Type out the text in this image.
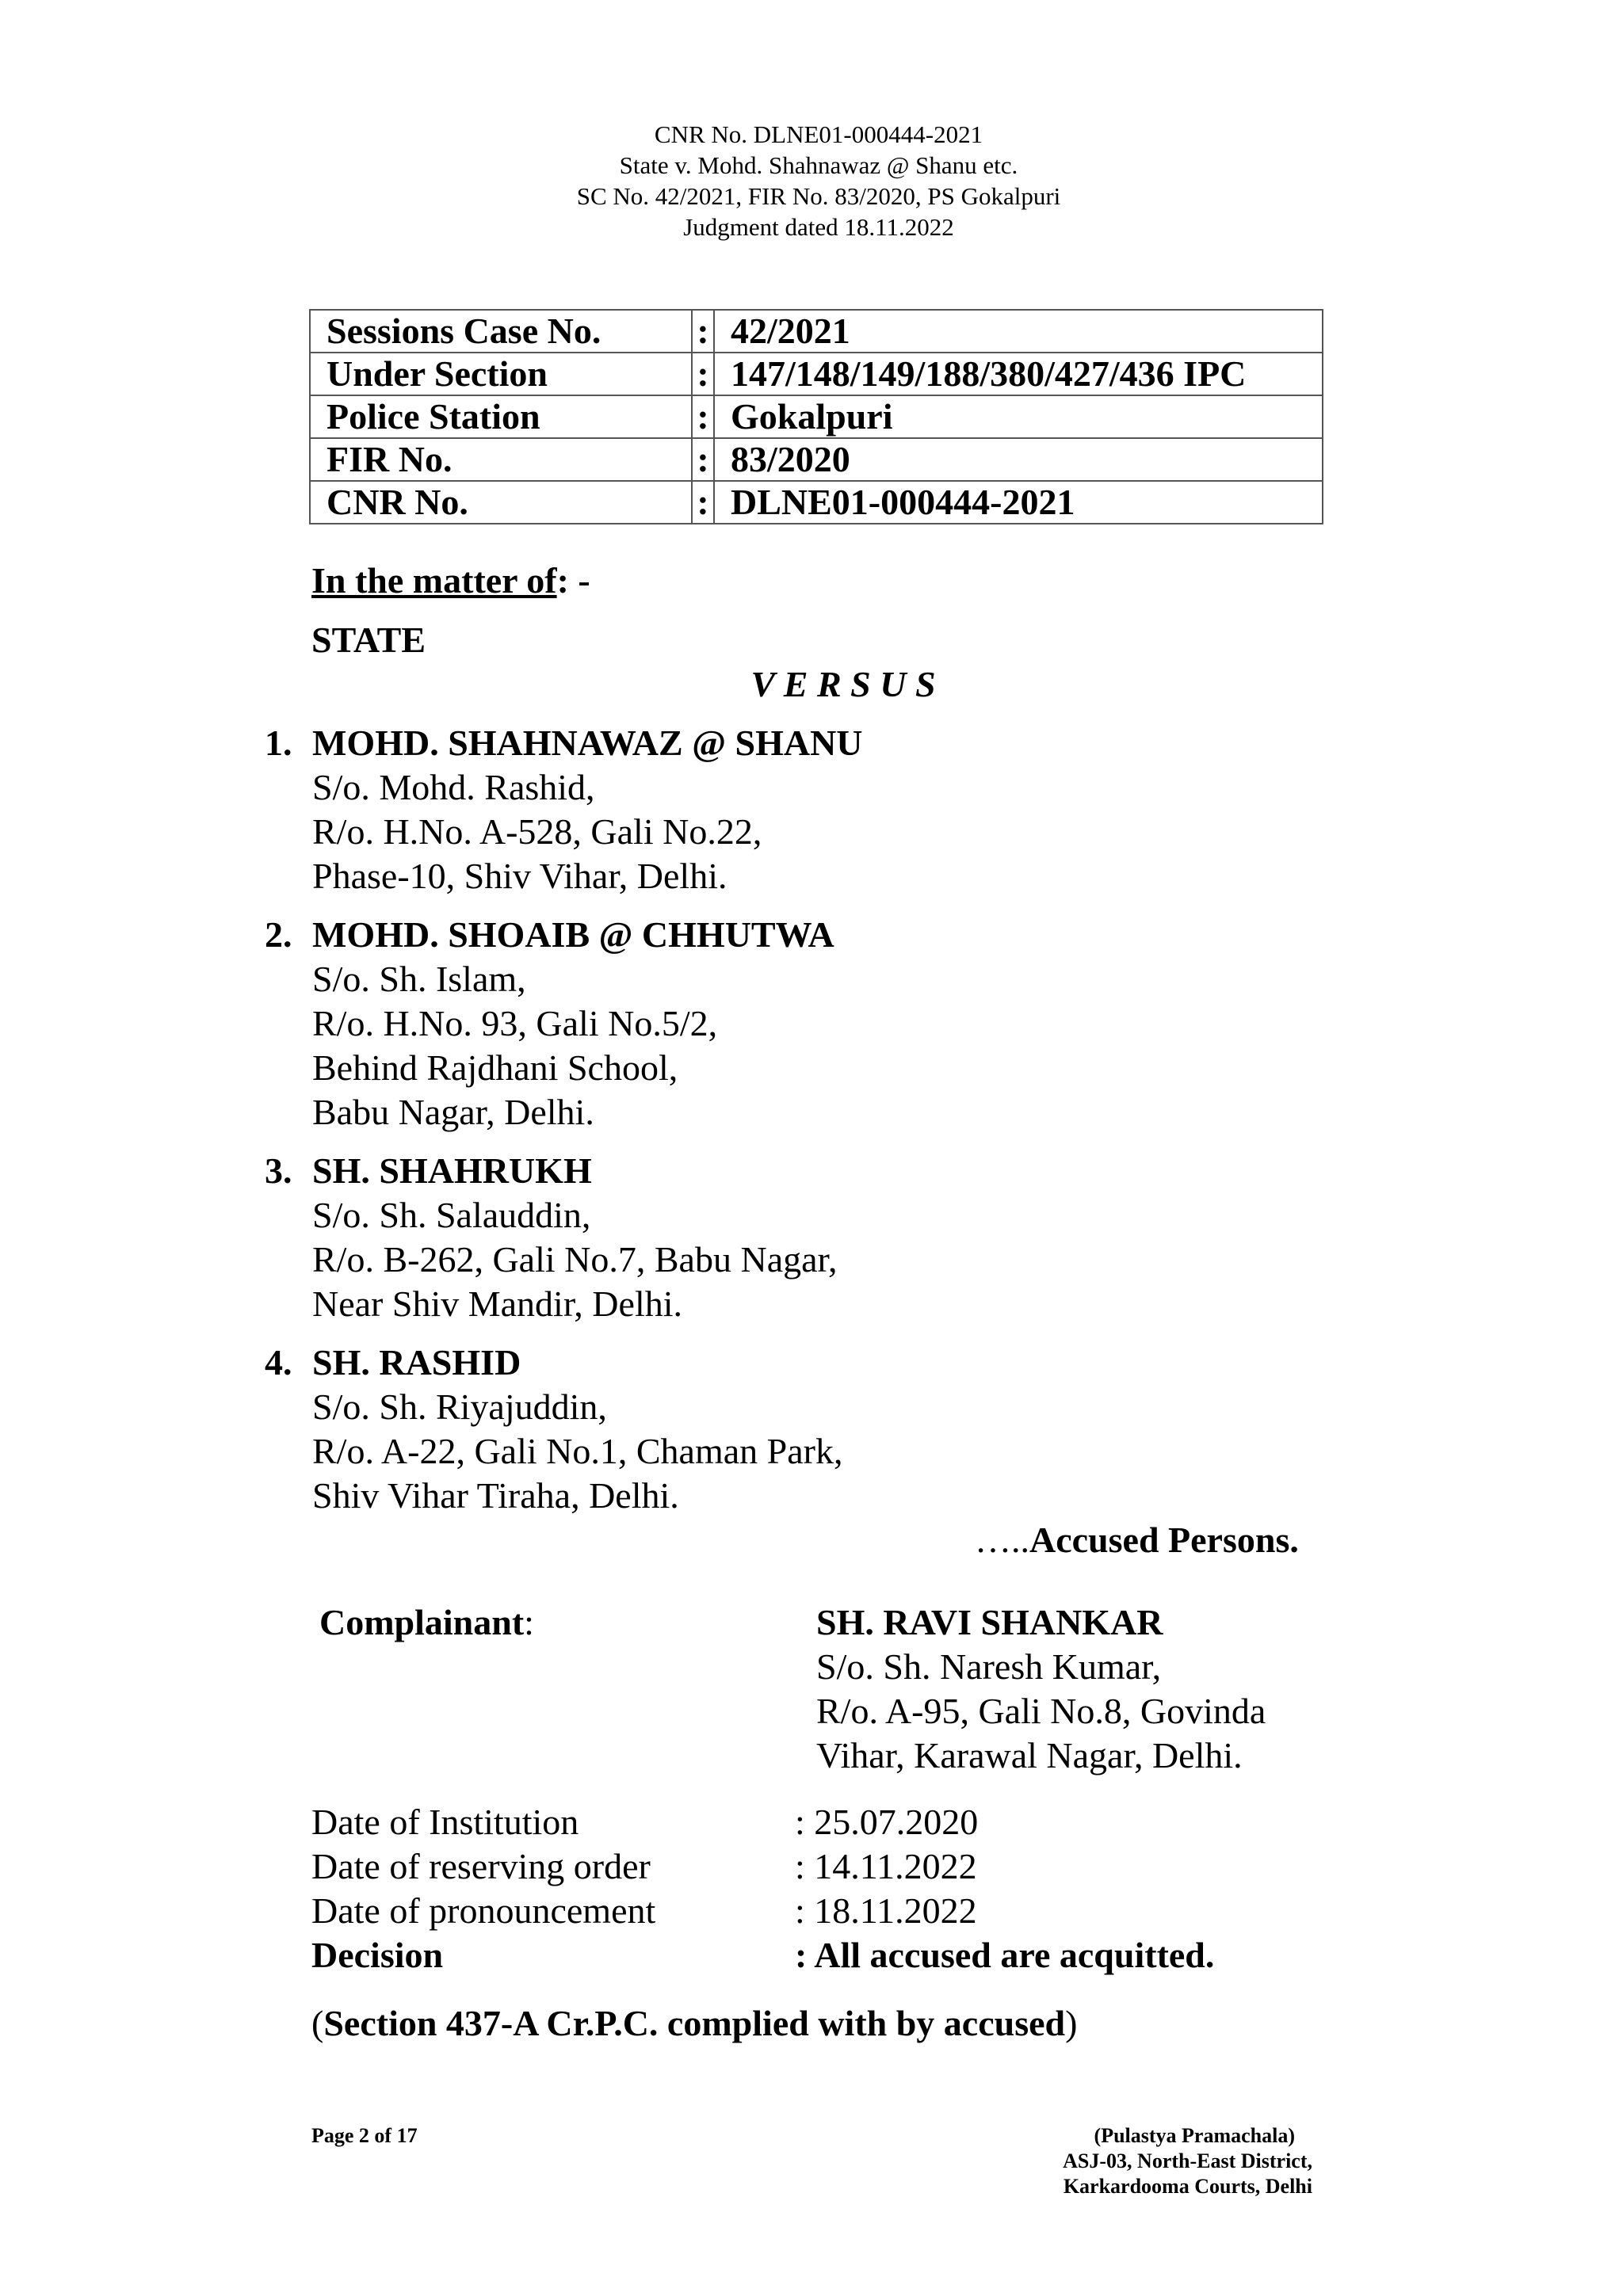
CNR No. DLNE01-000444-2021
State v. Mohd. Shahnawaz @ Shanu etc.
SC No. 42/2021, FIR No. 83/2020, PS Gokalpuri
Judgment dated 18.11.2022
Sessions Case No.	:	42/2021
Under Section	:	147/148/149/188/380/427/436 IPC
Police Station	:	Gokalpuri
FIR No.	:	83/2020
CNR No.	:	DLNE01-000444-2021
In the matter of: -
STATE
V E R S U S
1. MOHD. SHAHNAWAZ @ SHANU
S/o. Mohd. Rashid,
R/o. H.No. A-528, Gali No.22,
Phase-10, Shiv Vihar, Delhi.
2. MOHD. SHOAIB @ CHHUTWA
S/o. Sh. Islam,
R/o. H.No. 93, Gali No.5/2,
Behind Rajdhani School,
Babu Nagar, Delhi.
3. SH. SHAHRUKH
S/o. Sh. Salauddin,
R/o. B-262, Gali No.7, Babu Nagar,
Near Shiv Mandir, Delhi.
4. SH. RASHID
S/o. Sh. Riyajuddin,
R/o. A-22, Gali No.1, Chaman Park,
Shiv Vihar Tiraha, Delhi.
…..Accused Persons.
Complainant:	SH. RAVI SHANKAR
S/o. Sh. Naresh Kumar,
R/o. A-95, Gali No.8, Govinda
Vihar, Karawal Nagar, Delhi.
Date of Institution	: 25.07.2020
Date of reserving order	: 14.11.2022
Date of pronouncement	: 18.11.2022
Decision	: All accused are acquitted.
(Section 437-A Cr.P.C. complied with by accused)
Page 2 of 17	(Pulastya Pramachala)
ASJ-03, North-East District,
Karkardooma Courts, Delhi
